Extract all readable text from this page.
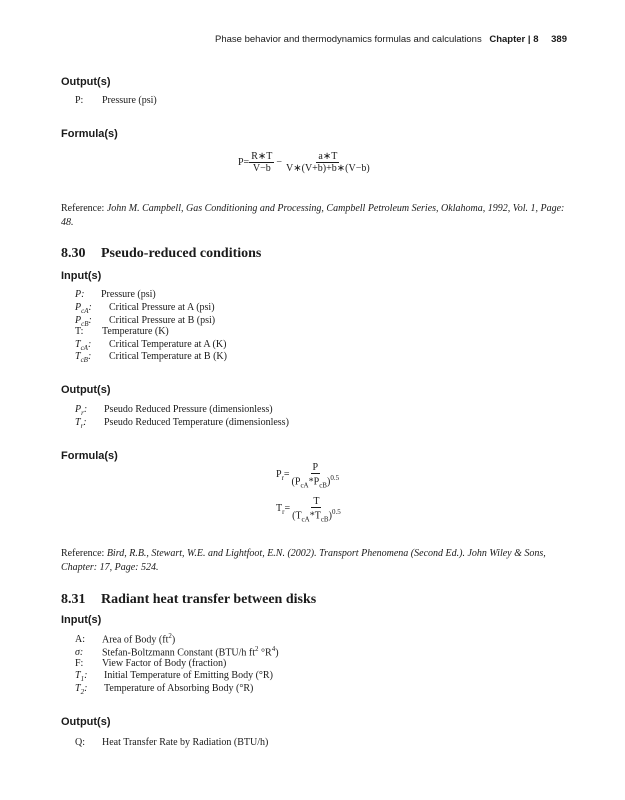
Phase behavior and thermodynamics formulas and calculations Chapter | 8 389
Output(s)
P: Pressure (psi)
Formula(s)
$P= \frac{R∗T}{V-b} - \frac{a∗T}{V∗(V+b)+b∗(V-b)}$
Reference: John M. Campbell, Gas Conditioning and Processing, Campbell Petroleum Series, Oklahoma, 1992, Vol. 1, Page: 48.
8.30 Pseudo-reduced conditions
Input(s)
P: Pressure (psi)
$P_{cA}$: Critical Pressure at A (psi)
$P_{cB}$: Critical Pressure at B (psi)
T: Temperature (K)
$T_{cA}$: Critical Temperature at A (K)
$T_{cB}$: Critical Temperature at B (K)
Output(s)
$P_r$: Pseudo Reduced Pressure (dimensionless)
$T_r$: Pseudo Reduced Temperature (dimensionless)
Formula(s)
$P_r= \frac{P}{(P_{cA}*P_{cB})^{0.5}}$
$T_r= \frac{T}{(T_{cA}*T_{cB})^{0.5}}$
Reference: Bird, R.B., Stewart, W.E. and Lightfoot, E.N. (2002). Transport Phenomena (Second Ed.). John Wiley & Sons, Chapter: 17, Page: 524.
8.31 Radiant heat transfer between disks
Input(s)
A: Area of Body $(ft^2)$
σ: Stefan-Boltzmann Constant (BTU/h $ft^2$ $^\circ R^4$)
F: View Factor of Body (fraction)
$T_1$: Initial Temperature of Emitting Body (°R)
$T_2$: Temperature of Absorbing Body (°R)
Output(s)
Q: Heat Transfer Rate by Radiation (BTU/h)
